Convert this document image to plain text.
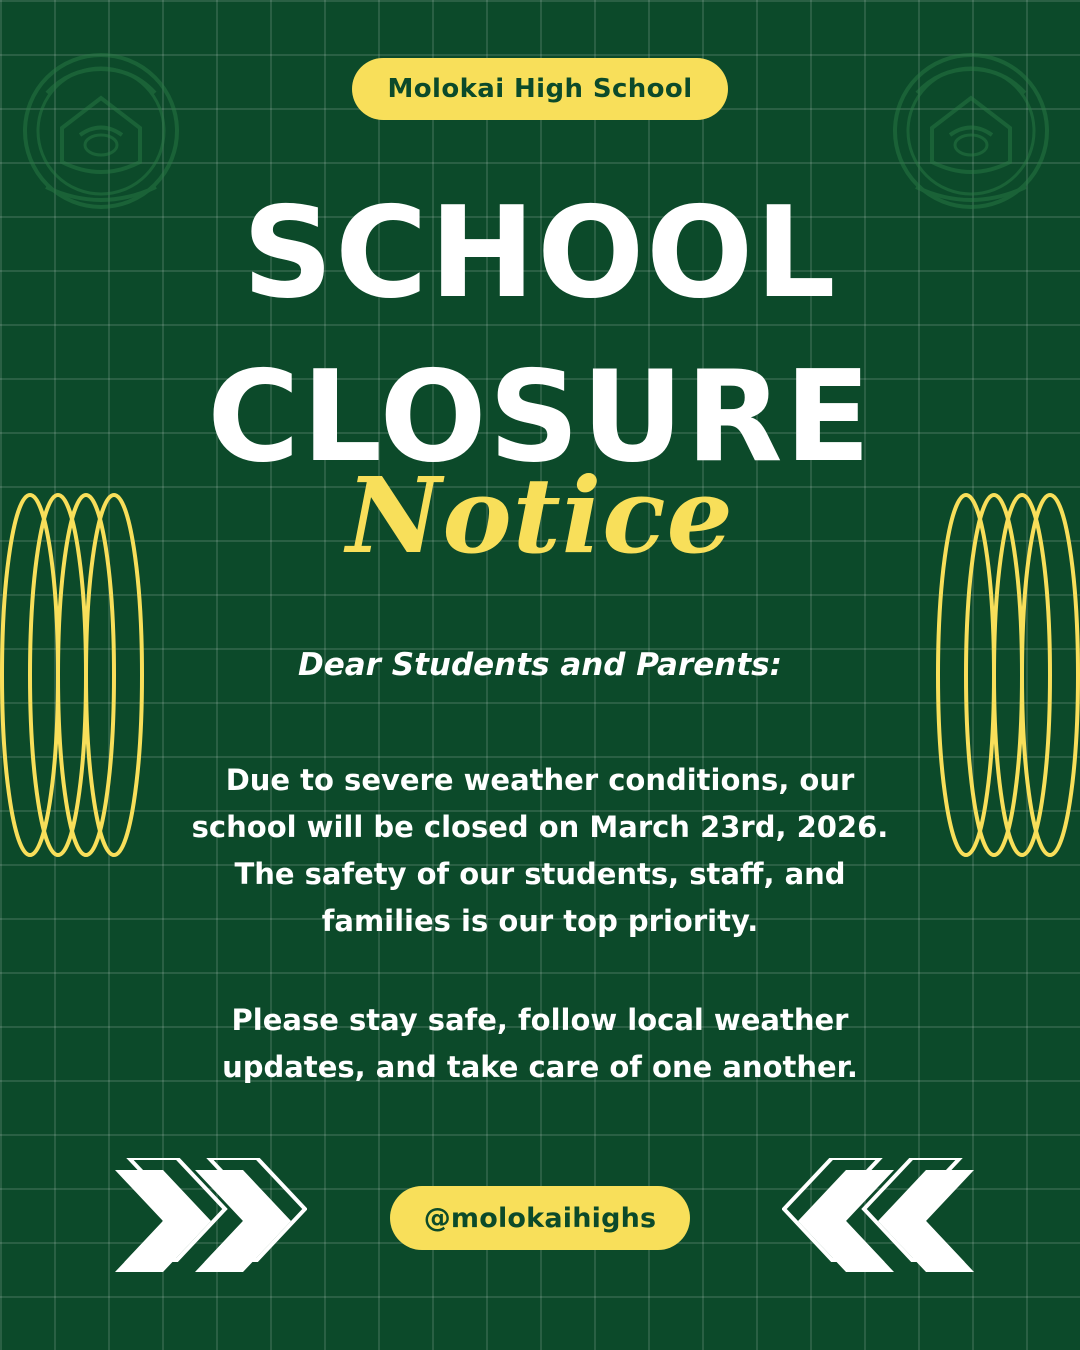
Molokai High School
SCHOOL
CLOSURE
Notice
Dear Students and Parents:
Due to severe weather conditions, our
school will be closed on March 23rd, 2026.
The safety of our students, staff, and
families is our top priority.
Please stay safe, follow local weather
updates, and take care of one another.
@molokaihighs
